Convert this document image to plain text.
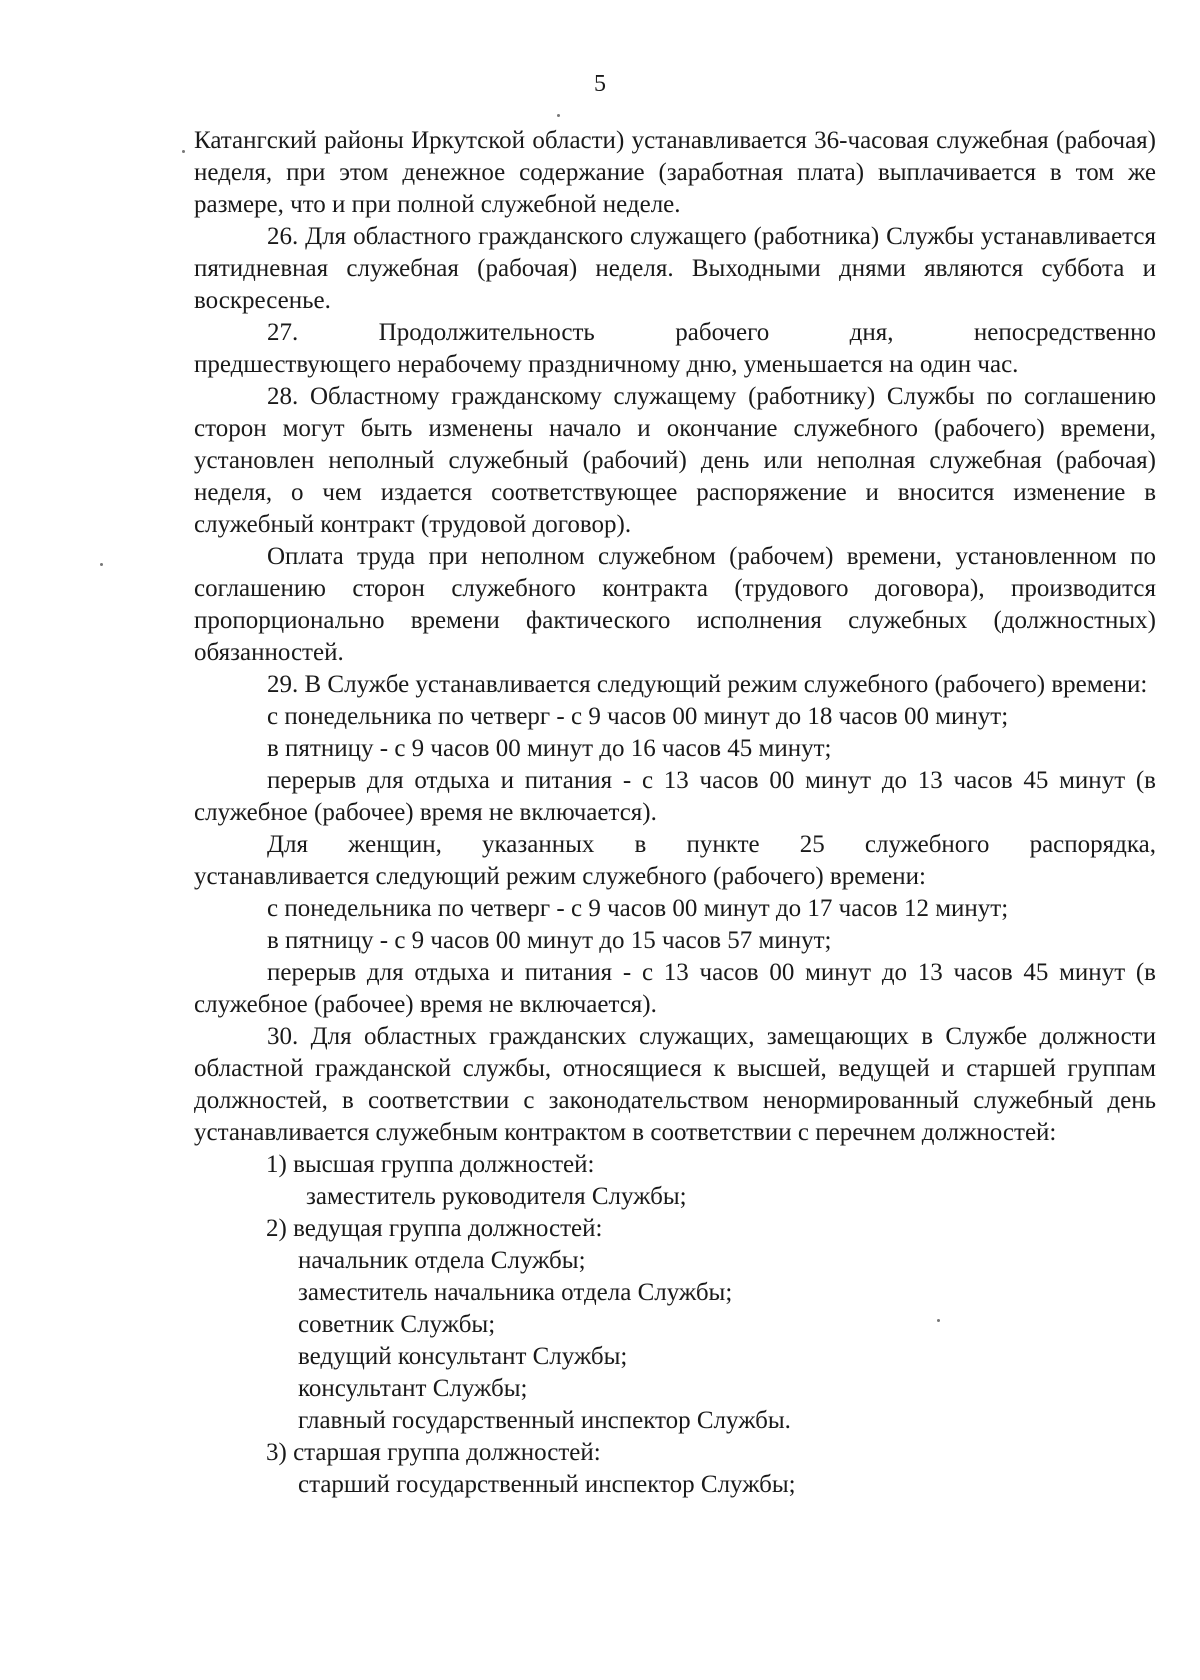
5

Катангский районы Иркутской области) устанавливается 36-часовая служебная (рабочая) неделя, при этом денежное содержание (заработная плата) выплачивается в том же размере, что и при полной служебной неделе.

26. Для областного гражданского служащего (работника) Службы устанавливается пятидневная служебная (рабочая) неделя. Выходными днями являются суббота и воскресенье.

27. Продолжительность рабочего дня, непосредственно

предшествующего нерабочему праздничному дню, уменьшается на один час.

28. Областному гражданскому служащему (работнику) Службы по соглашению сторон могут быть изменены начало и окончание служебного (рабочего) времени, установлен неполный служебный (рабочий) день или неполная служебная (рабочая) неделя, о чем издается соответствующее распоряжение и вносится изменение в служебный контракт (трудовой договор).

Оплата труда при неполном служебном (рабочем) времени, установленном по соглашению сторон служебного контракта (трудового договора), производится пропорционально времени фактического исполнения служебных (должностных) обязанностей.

29. В Службе устанавливается следующий режим служебного (рабочего) времени:

с понедельника по четверг - с 9 часов 00 минут до 18 часов 00 минут;

в пятницу - с 9 часов 00 минут до 16 часов 45 минут;

перерыв для отдыха и питания - с 13 часов 00 минут до 13 часов 45 минут (в служебное (рабочее) время не включается).

Для женщин, указанных в пункте 25 служебного распорядка,

устанавливается следующий режим служебного (рабочего) времени:

с понедельника по четверг - с 9 часов 00 минут до 17 часов 12 минут;

в пятницу - с 9 часов 00 минут до 15 часов 57 минут;

перерыв для отдыха и питания - с 13 часов 00 минут до 13 часов 45 минут (в служебное (рабочее) время не включается).

30. Для областных гражданских служащих, замещающих в Службе должности областной гражданской службы, относящиеся к высшей, ведущей и старшей группам должностей, в соответствии с законодательством ненормированный служебный день устанавливается служебным контрактом в соответствии с перечнем должностей:

1) высшая группа должностей:

заместитель руководителя Службы;

2) ведущая группа должностей:

начальник отдела Службы;

заместитель начальника отдела Службы;

советник Службы;

ведущий консультант Службы;

консультант Службы;

главный государственный инспектор Службы.

3) старшая группа должностей:

старший государственный инспектор Службы;
